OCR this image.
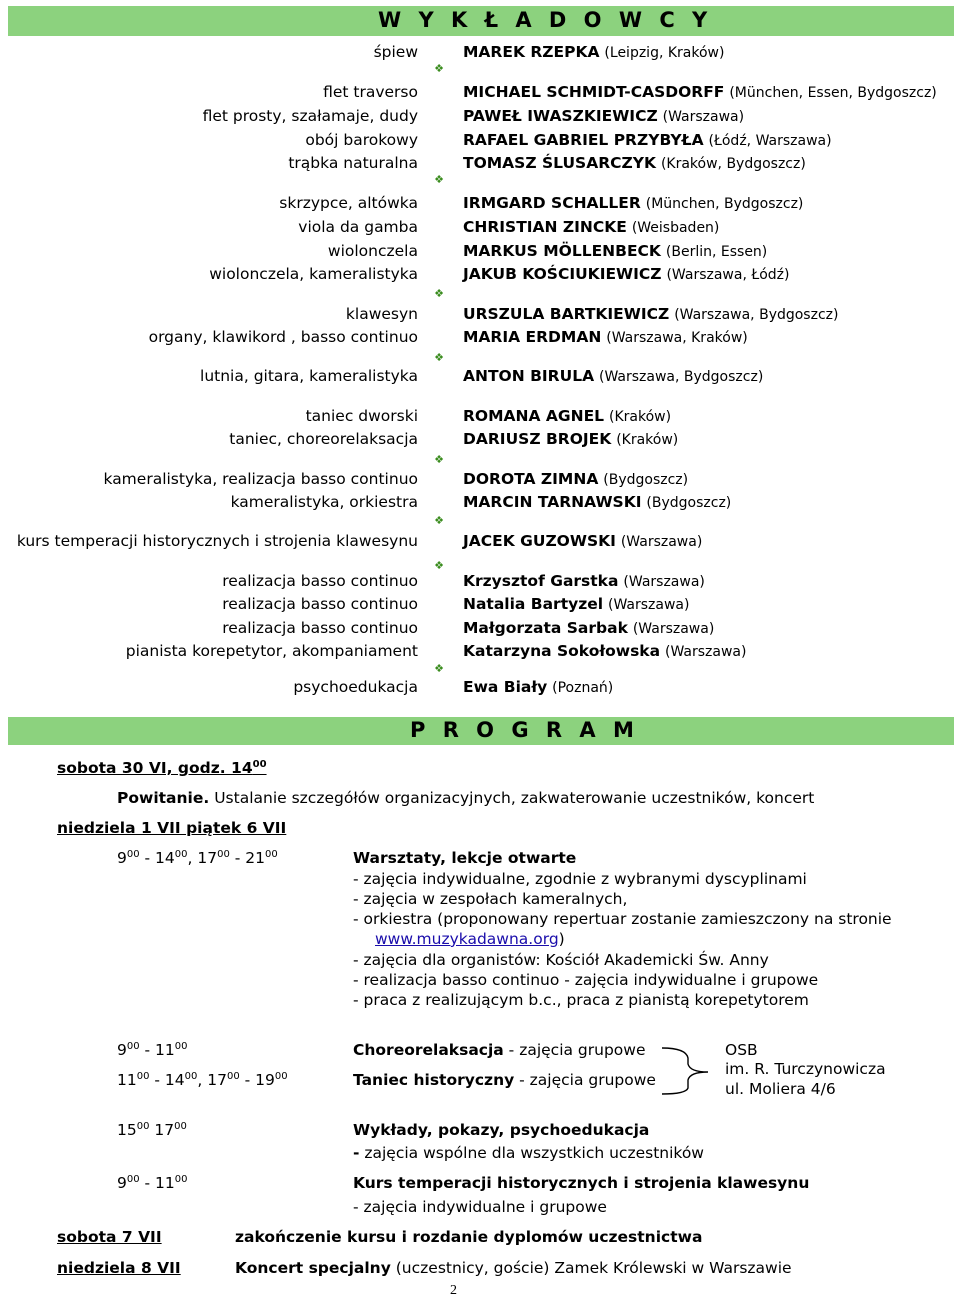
W Y K Ł A D O W C Y
śpiew	MAREK RZEPKA (Leipzig, Kraków)
flet traverso	MICHAEL SCHMIDT-CASDORFF (München, Essen, Bydgoszcz)
flet prosty, szałamaje, dudy	PAWEŁ IWASZKIEWICZ (Warszawa)
obój barokowy	RAFAEL GABRIEL PRZYBYŁA (Łódź, Warszawa)
trąbka naturalna	TOMASZ ŚLUSARCZYK (Kraków, Bydgoszcz)
skrzypce, altówka	IRMGARD SCHALLER (München, Bydgoszcz)
viola da gamba	CHRISTIAN ZINCKE (Weisbaden)
wiolonczela	MARKUS MÖLLENBECK (Berlin, Essen)
wiolonczela, kameralistyka	JAKUB KOŚCIUKIEWICZ (Warszawa, Łódź)
klawesyn	URSZULA BARTKIEWICZ (Warszawa, Bydgoszcz)
organy, klawikord , basso continuo	MARIA ERDMAN (Warszawa, Kraków)
lutnia, gitara, kameralistyka	ANTON BIRULA (Warszawa, Bydgoszcz)
taniec dworski	ROMANA AGNEL (Kraków)
taniec, choreorelaksacja	DARIUSZ BROJEK (Kraków)
kameralistyka, realizacja basso continuo	DOROTA ZIMNA (Bydgoszcz)
kameralistyka, orkiestra	MARCIN TARNAWSKI (Bydgoszcz)
kurs temperacji historycznych i strojenia klawesynu	JACEK GUZOWSKI (Warszawa)
realizacja basso continuo	Krzysztof Garstka (Warszawa)
realizacja basso continuo	Natalia Bartyzel (Warszawa)
realizacja basso continuo	Małgorzata Sarbak (Warszawa)
pianista korepetytor, akompaniament	Katarzyna Sokołowska (Warszawa)
psychoedukacja	Ewa Biały (Poznań)
❖
❖
❖
❖
❖
❖
❖
❖
P R O G R A M
sobota 30 VI, godz. $14^{00}$
Powitanie. Ustalanie szczegółów organizacyjnych, zakwaterowanie uczestników, koncert
niedziela 1 VII piątek 6 VII
$9^{00} - 14^{00}$, $17^{00} - 21^{00}$	Warsztaty, lekcje otwarte
- zajęcia indywidualne, zgodnie z wybranymi dyscyplinami
- zajęcia w zespołach kameralnych,
- orkiestra (proponowany repertuar zostanie zamieszczony na stronie
www.muzykadawna.org)
- zajęcia dla organistów: Kościół Akademicki Św. Anny
- realizacja basso continuo - zajęcia indywidualne i grupowe
- praca z realizującym b.c., praca z pianistą korepetytorem
$9^{00} - 11^{00}$	Choreorelaksacja - zajęcia grupowe
$11^{00} - 14^{00}$, $17^{00} - 19^{00}$	Taniec historyczny - zajęcia grupowe
OSB
im. R. Turczynowicza
ul. Moliera 4/6
$15^{00}$ $17^{00}$	Wykłady, pokazy, psychoedukacja
- zajęcia wspólne dla wszystkich uczestników
$9^{00} - 11^{00}$	Kurs temperacji historycznych i strojenia klawesynu
- zajęcia indywidualne i grupowe
sobota 7 VII	zakończenie kursu i rozdanie dyplomów uczestnictwa
niedziela 8 VII	Koncert specjalny (uczestnicy, goście) Zamek Królewski w Warszawie
2
